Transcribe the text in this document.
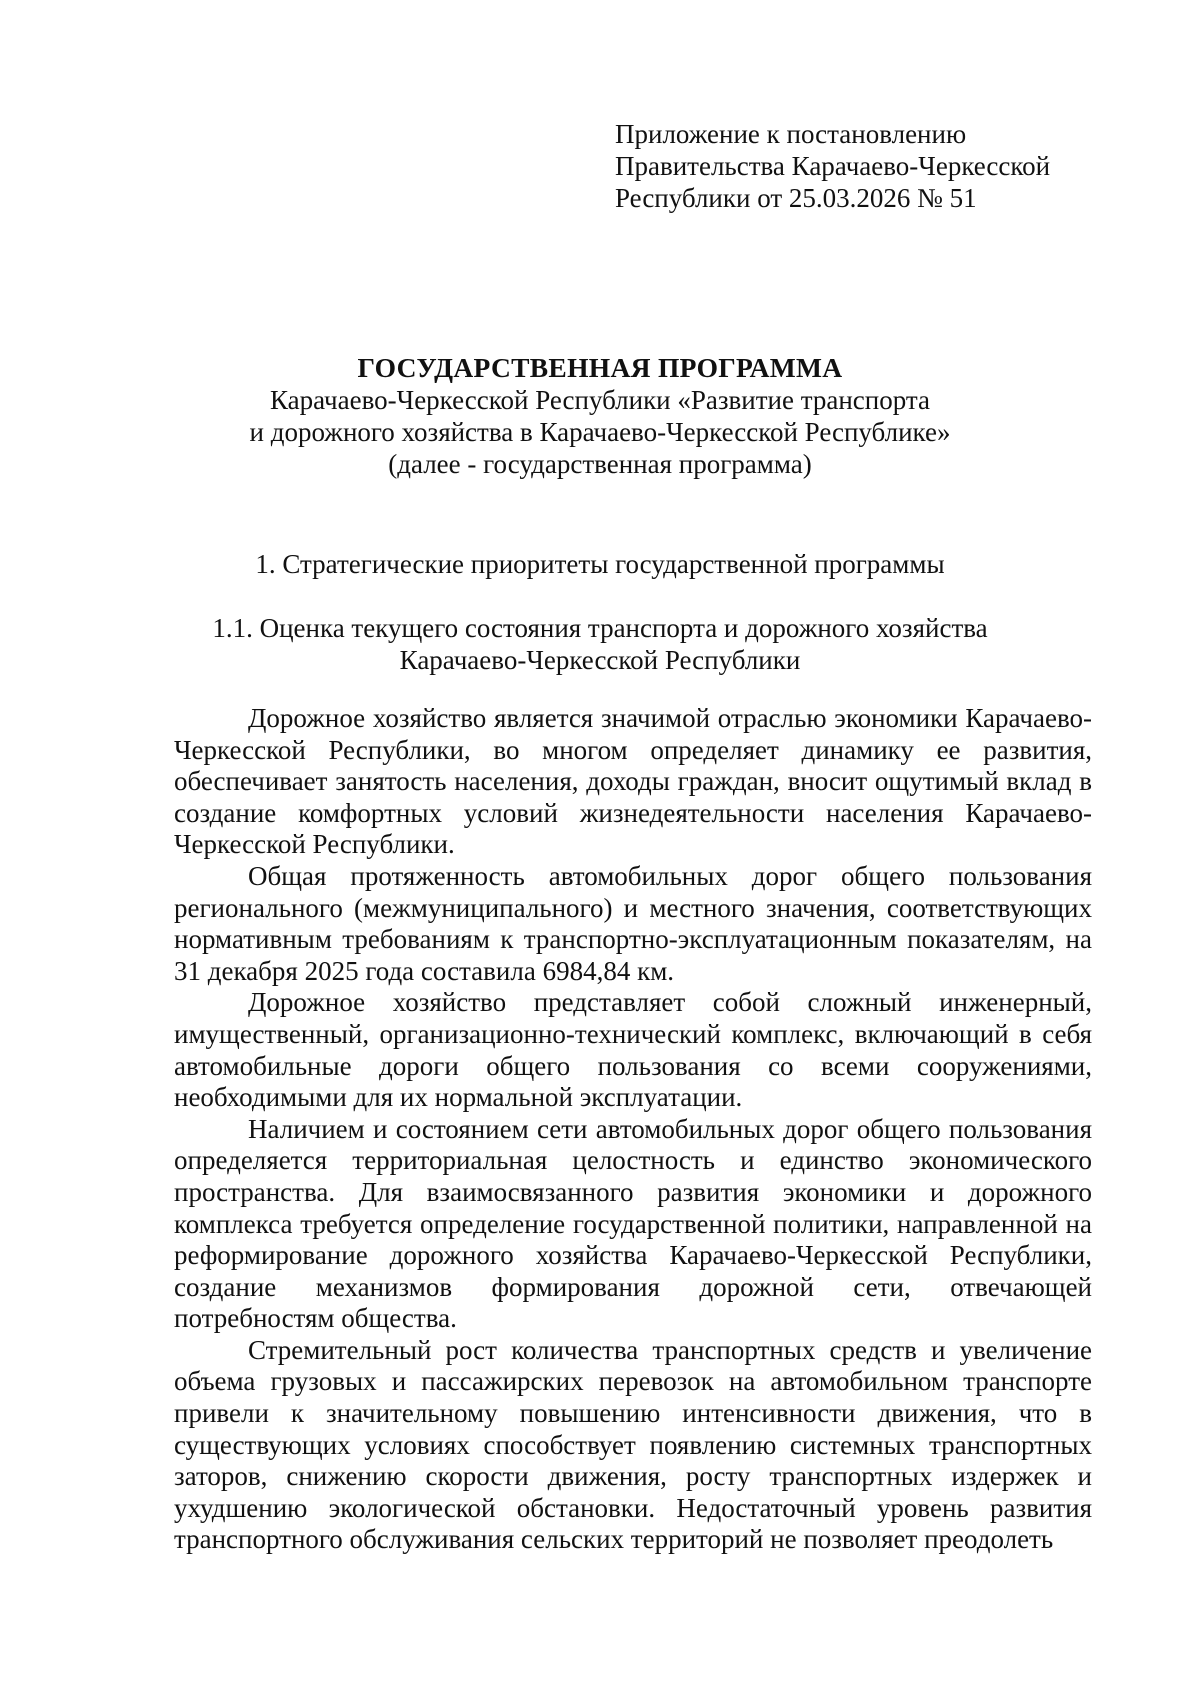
Приложение к постановлению
Правительства Карачаево-Черкесской
Республики от 25.03.2026 № 51
ГОСУДАРСТВЕННАЯ ПРОГРАММА
Карачаево-Черкесской Республики «Развитие транспорта
и дорожного хозяйства в Карачаево-Черкесской Республике»
(далее - государственная программа)
1. Стратегические приоритеты государственной программы
1.1. Оценка текущего состояния транспорта и дорожного хозяйства
Карачаево-Черкесской Республики

Дорожное хозяйство является значимой отраслью экономики Карачаево-Черкесской Республики, во многом определяет динамику ее развития, обеспечивает занятость населения, доходы граждан, вносит ощутимый вклад в создание комфортных условий жизнедеятельности населения Карачаево-Черкесской Республики.

Общая протяженность автомобильных дорог общего пользования регионального (межмуниципального) и местного значения, соответствующих нормативным требованиям к транспортно-эксплуатационным показателям, на 31 декабря 2025 года составила 6984,84 км.

Дорожное хозяйство представляет собой сложный инженерный, имущественный, организационно-технический комплекс, включающий в себя автомобильные дороги общего пользования со всеми сооружениями, необходимыми для их нормальной эксплуатации.

Наличием и состоянием сети автомобильных дорог общего пользования определяется территориальная целостность и единство экономического пространства. Для взаимосвязанного развития экономики и дорожного комплекса требуется определение государственной политики, направленной на реформирование дорожного хозяйства Карачаево-Черкесской Республики, создание механизмов формирования дорожной сети, отвечающей потребностям общества.

Стремительный рост количества транспортных средств и увеличение объема грузовых и пассажирских перевозок на автомобильном транспорте привели к значительному повышению интенсивности движения, что в существующих условиях способствует появлению системных транспортных заторов, снижению скорости движения, росту транспортных издержек и ухудшению экологической обстановки. Недостаточный уровень развития транспортного обслуживания сельских территорий не позволяет преодолеть
